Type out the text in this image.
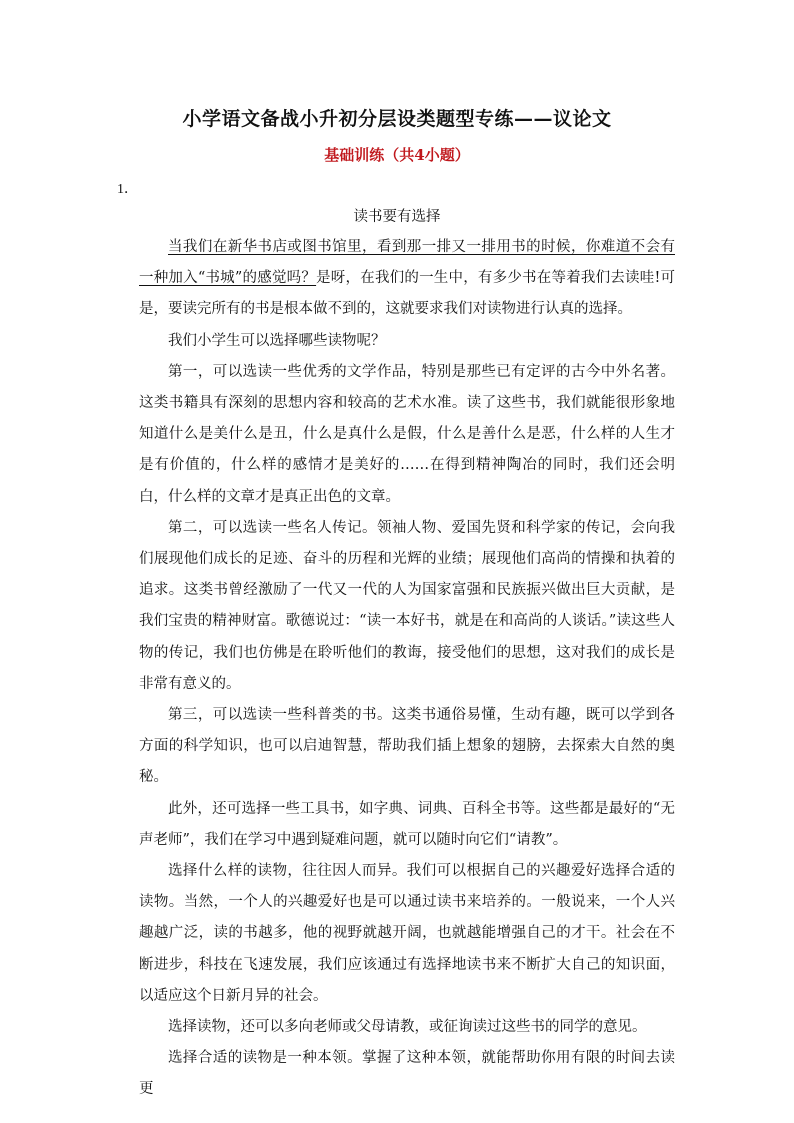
小学语文备战小升初分层设类题型专练——议论文
基础训练（共4小题）
1．
读书要有选择

当我们在新华书店或图书馆里，看到那一排又一排用书的时候，你难道不会有一种加入“书城”的感觉吗？是呀，在我们的一生中，有多少书在等着我们去读哇!可是，要读完所有的书是根本做不到的，这就要求我们对读物进行认真的选择。

我们小学生可以选择哪些读物呢？

第一，可以选读一些优秀的文学作品，特别是那些已有定评的古今中外名著。这类书籍具有深刻的思想内容和较高的艺术水准。读了这些书，我们就能很形象地知道什么是美什么是丑，什么是真什么是假，什么是善什么是恶，什么样的人生才是有价值的，什么样的感情才是美好的……在得到精神陶冶的同时，我们还会明白，什么样的文章才是真正出色的文章。

第二，可以选读一些名人传记。领袖人物、爱国先贤和科学家的传记，会向我们展现他们成长的足迹、奋斗的历程和光辉的业绩；展现他们高尚的情操和执着的追求。这类书曾经激励了一代又一代的人为国家富强和民族振兴做出巨大贡献，是我们宝贵的精神财富。歌德说过：“读一本好书，就是在和高尚的人谈话。”读这些人物的传记，我们也仿佛是在聆听他们的教诲，接受他们的思想，这对我们的成长是非常有意义的。

第三，可以选读一些科普类的书。这类书通俗易懂，生动有趣，既可以学到各方面的科学知识，也可以启迪智慧，帮助我们插上想象的翅膀，去探索大自然的奥秘。

此外，还可选择一些工具书，如字典、词典、百科全书等。这些都是最好的“无声老师”，我们在学习中遇到疑难问题，就可以随时向它们“请教”。

选择什么样的读物，往往因人而异。我们可以根据自己的兴趣爱好选择合适的读物。当然，一个人的兴趣爱好也是可以通过读书来培养的。一般说来，一个人兴趣越广泛，读的书越多，他的视野就越开阔，也就越能增强自己的才干。社会在不断进步，科技在飞速发展，我们应该通过有选择地读书来不断扩大自己的知识面，以适应这个日新月异的社会。

选择读物，还可以多向老师或父母请教，或征询读过这些书的同学的意见。

选择合适的读物是一种本领。掌握了这种本领，就能帮助你用有限的时间去读更
